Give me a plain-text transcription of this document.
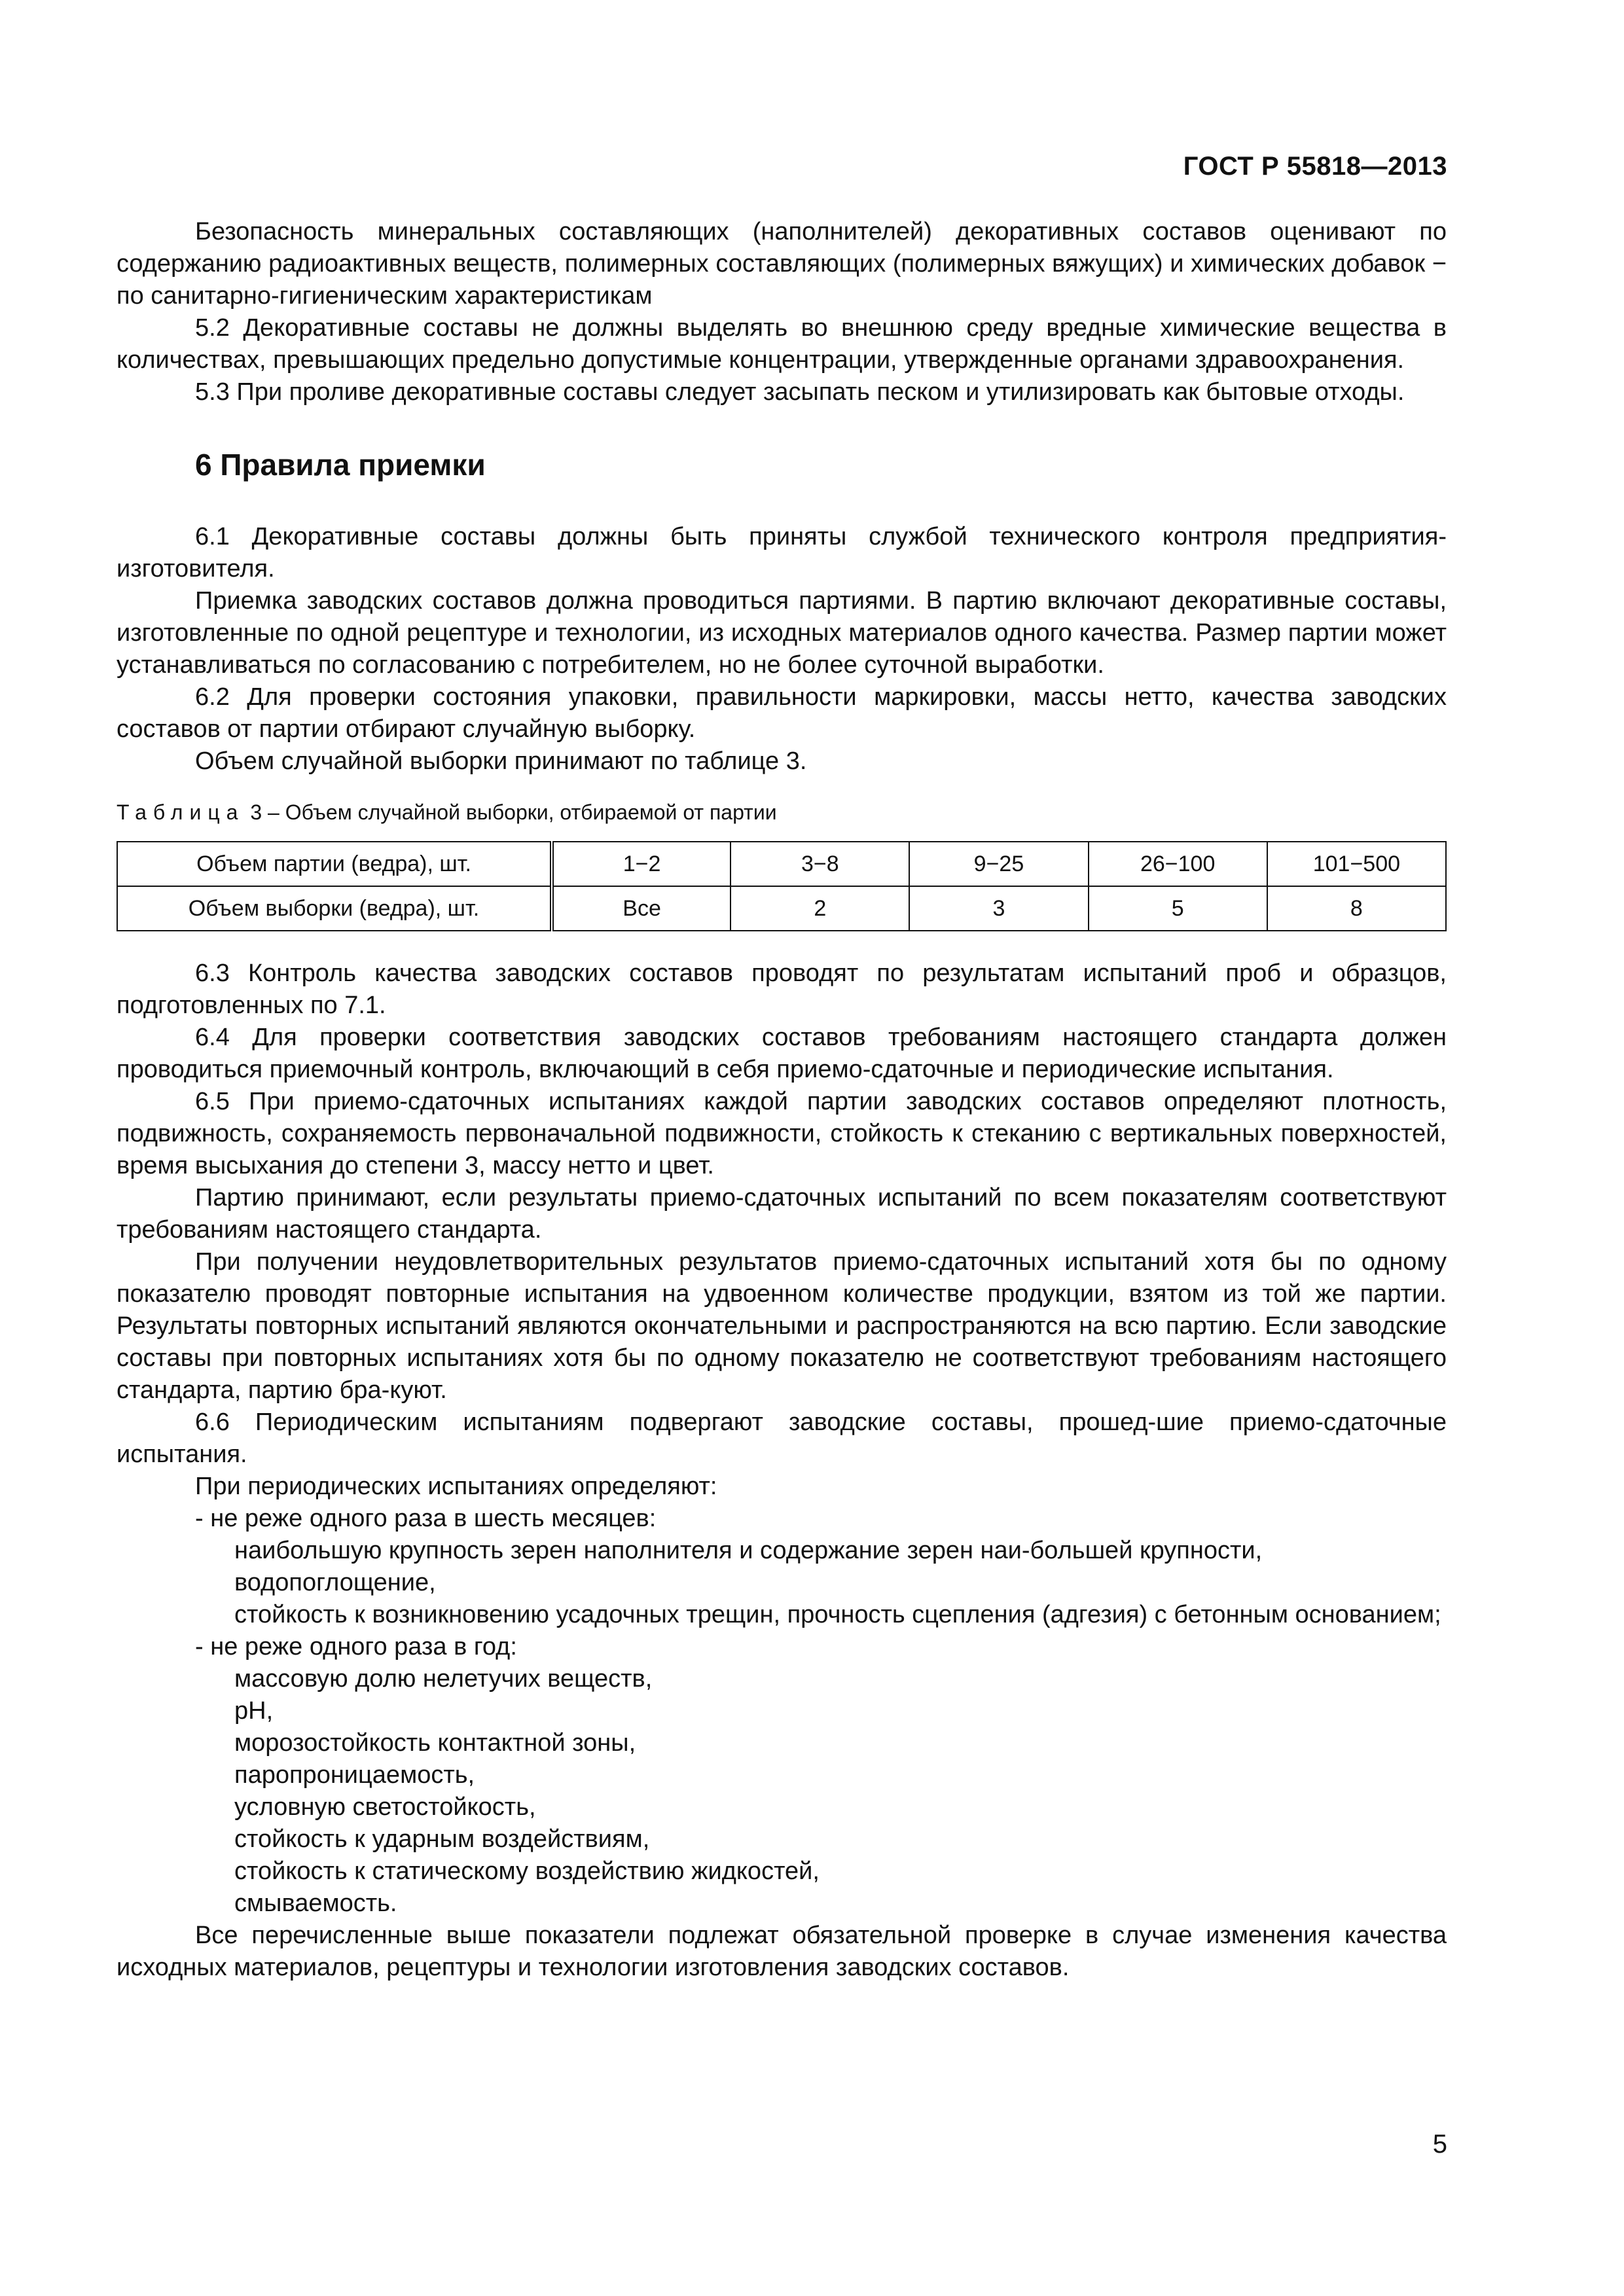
ГОСТ Р 55818—2013

Безопасность минеральных составляющих (наполнителей) декоративных составов оценивают по содержанию радиоактивных веществ, полимерных составляющих (полимерных вяжущих) и химических добавок − по санитарно-гигиеническим характеристикам

5.2 Декоративные составы не должны выделять во внешнюю среду вредные химические вещества в количествах, превышающих предельно допустимые концентрации, утвержденные органами здравоохранения.

5.3 При проливе декоративные составы следует засыпать песком и утилизировать как бытовые отходы.

6 Правила приемки

6.1 Декоративные составы должны быть приняты службой технического контроля предприятия-изготовителя.

Приемка заводских составов должна проводиться партиями. В партию включают декоративные составы, изготовленные по одной рецептуре и технологии, из исходных материалов одного качества. Размер партии может устанавливаться по согласованию с потребителем, но не более суточной выработки.

6.2 Для проверки состояния упаковки, правильности маркировки, массы нетто, качества заводских составов от партии отбирают случайную выборку.

Объем случайной выборки принимают по таблице 3.

Таблица 3 – Объем случайной выборки, отбираемой от партии
Объем партии (ведра), шт.	1−2	3−8	9−25	26−100	101−500
Объем выборки (ведра), шт.	Все	2	3	5	8

6.3 Контроль качества заводских составов проводят по результатам испытаний проб и образцов, подготовленных по 7.1.

6.4 Для проверки соответствия заводских составов требованиям настоящего стандарта должен проводиться приемочный контроль, включающий в себя приемо-сдаточные и периодические испытания.

6.5 При приемо-сдаточных испытаниях каждой партии заводских составов определяют плотность, подвижность, сохраняемость первоначальной подвижности, стойкость к стеканию с вертикальных поверхностей, время высыхания до степени 3, массу нетто и цвет.

Партию принимают, если результаты приемо-сдаточных испытаний по всем показателям соответствуют требованиям настоящего стандарта.

При получении неудовлетворительных результатов приемо-сдаточных испытаний хотя бы по одному показателю проводят повторные испытания на удвоенном количестве продукции, взятом из той же партии. Результаты повторных испытаний являются окончательными и распространяются на всю партию. Если заводские составы при повторных испытаниях хотя бы по одному показателю не соответствуют требованиям настоящего стандарта, партию бра-куют.

6.6 Периодическим испытаниям подвергают заводские составы, прошед-шие приемо-сдаточные испытания.

При периодических испытаниях определяют:

- не реже одного раза в шесть месяцев:
наибольшую крупность зерен наполнителя и содержание зерен наи-большей крупности,
водопоглощение,

стойкость к возникновению усадочных трещин, прочность сцепления (адгезия) с бетонным основанием;

- не реже одного раза в год:
массовую долю нелетучих веществ,
pH,
морозостойкость контактной зоны,
паропроницаемость,
условную светостойкость,
стойкость к ударным воздействиям,
стойкость к статическому воздействию жидкостей,
смываемость.

Все перечисленные выше показатели подлежат обязательной проверке в случае изменения качества исходных материалов, рецептуры и технологии изготовления заводских составов.

5
